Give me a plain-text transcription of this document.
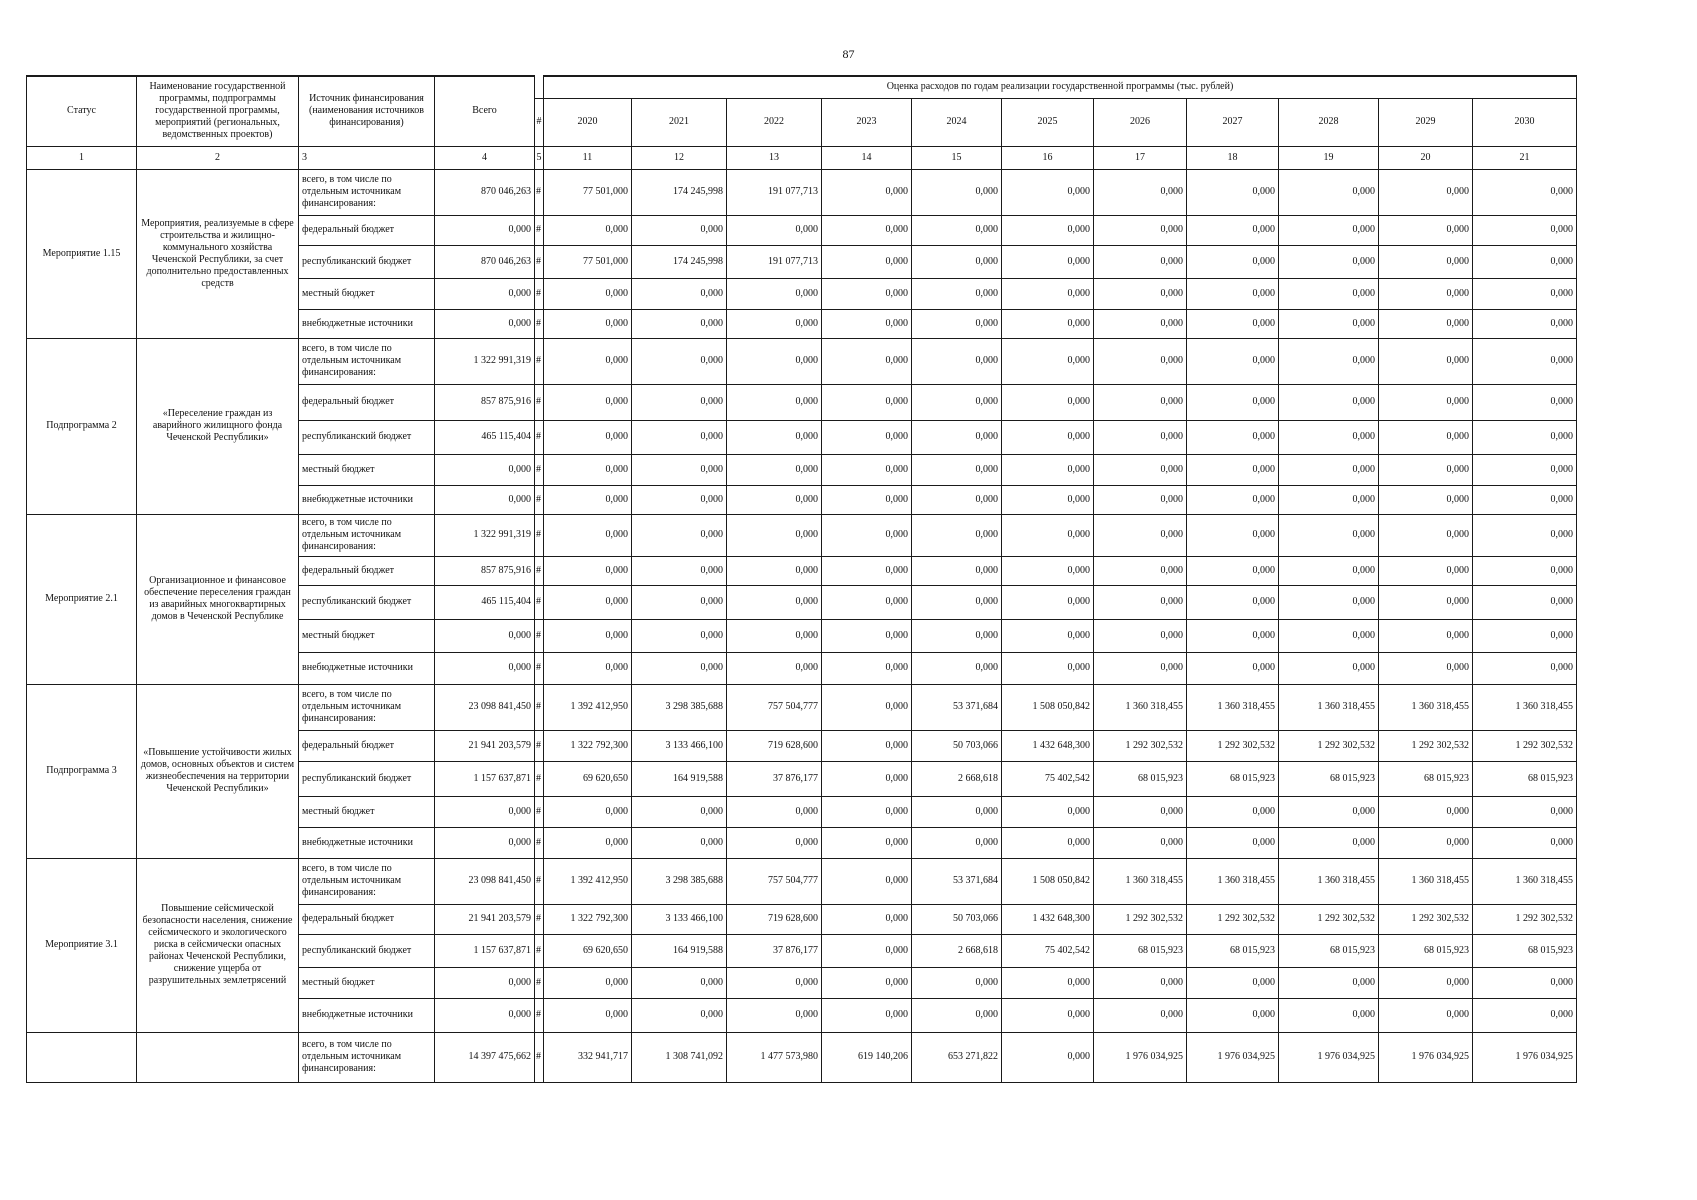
87
Статус	Наименование государственной программы, подпрограммы государственной программы, мероприятий (региональных, ведомственных проектов)	Источник финансирования (наименования источников финансирования)	Всего		Оценка расходов по годам реализации государственной программы (тыс. рублей)										
				#	2020	2021	2022	2023	2024	2025	2026	2027	2028	2029	2030
1	2	3	4	5	11	12	13	14	15	16	17	18	19	20	21
Мероприятие 1.15	Мероприятия, реализуемые в сфере строительства и жилищно-коммунального хозяйства Чеченской Республики, за счет дополнительно предоставленных средств	всего, в том числе по отдельным источникам финансирования:	870 046,263	#	77 501,000	174 245,998	191 077,713	0,000	0,000	0,000	0,000	0,000	0,000	0,000	0,000
		федеральный бюджет	0,000	#	0,000	0,000	0,000	0,000	0,000	0,000	0,000	0,000	0,000	0,000	0,000
		республиканский бюджет	870 046,263	#	77 501,000	174 245,998	191 077,713	0,000	0,000	0,000	0,000	0,000	0,000	0,000	0,000
		местный бюджет	0,000	#	0,000	0,000	0,000	0,000	0,000	0,000	0,000	0,000	0,000	0,000	0,000
		внебюджетные источники	0,000	#	0,000	0,000	0,000	0,000	0,000	0,000	0,000	0,000	0,000	0,000	0,000
Подпрограмма 2	«Переселение граждан из аварийного жилищного фонда Чеченской Республики»	всего, в том числе по отдельным источникам финансирования:	1 322 991,319	#	0,000	0,000	0,000	0,000	0,000	0,000	0,000	0,000	0,000	0,000	0,000
		федеральный бюджет	857 875,916	#	0,000	0,000	0,000	0,000	0,000	0,000	0,000	0,000	0,000	0,000	0,000
		республиканский бюджет	465 115,404	#	0,000	0,000	0,000	0,000	0,000	0,000	0,000	0,000	0,000	0,000	0,000
		местный бюджет	0,000	#	0,000	0,000	0,000	0,000	0,000	0,000	0,000	0,000	0,000	0,000	0,000
		внебюджетные источники	0,000	#	0,000	0,000	0,000	0,000	0,000	0,000	0,000	0,000	0,000	0,000	0,000
Мероприятие 2.1	Организационное и финансовое обеспечение переселения граждан из аварийных многоквартирных домов в Чеченской Республике	всего, в том числе по отдельным источникам финансирования:	1 322 991,319	#	0,000	0,000	0,000	0,000	0,000	0,000	0,000	0,000	0,000	0,000	0,000
		федеральный бюджет	857 875,916	#	0,000	0,000	0,000	0,000	0,000	0,000	0,000	0,000	0,000	0,000	0,000
		республиканский бюджет	465 115,404	#	0,000	0,000	0,000	0,000	0,000	0,000	0,000	0,000	0,000	0,000	0,000
		местный бюджет	0,000	#	0,000	0,000	0,000	0,000	0,000	0,000	0,000	0,000	0,000	0,000	0,000
		внебюджетные источники	0,000	#	0,000	0,000	0,000	0,000	0,000	0,000	0,000	0,000	0,000	0,000	0,000
Подпрограмма 3	«Повышение устойчивости жилых домов, основных объектов и систем жизнеобеспечения на территории Чеченской Республики»	всего, в том числе по отдельным источникам финансирования:	23 098 841,450	#	1 392 412,950	3 298 385,688	757 504,777	0,000	53 371,684	1 508 050,842	1 360 318,455	1 360 318,455	1 360 318,455	1 360 318,455	1 360 318,455
		федеральный бюджет	21 941 203,579	#	1 322 792,300	3 133 466,100	719 628,600	0,000	50 703,066	1 432 648,300	1 292 302,532	1 292 302,532	1 292 302,532	1 292 302,532	1 292 302,532
		республиканский бюджет	1 157 637,871	#	69 620,650	164 919,588	37 876,177	0,000	2 668,618	75 402,542	68 015,923	68 015,923	68 015,923	68 015,923	68 015,923
		местный бюджет	0,000	#	0,000	0,000	0,000	0,000	0,000	0,000	0,000	0,000	0,000	0,000	0,000
		внебюджетные источники	0,000	#	0,000	0,000	0,000	0,000	0,000	0,000	0,000	0,000	0,000	0,000	0,000
Мероприятие 3.1	Повышение сейсмической безопасности населения, снижение сейсмического и экологического риска в сейсмически опасных районах Чеченской Республики, снижение ущерба от разрушительных землетрясений	всего, в том числе по отдельным источникам финансирования:	23 098 841,450	#	1 392 412,950	3 298 385,688	757 504,777	0,000	53 371,684	1 508 050,842	1 360 318,455	1 360 318,455	1 360 318,455	1 360 318,455	1 360 318,455
		федеральный бюджет	21 941 203,579	#	1 322 792,300	3 133 466,100	719 628,600	0,000	50 703,066	1 432 648,300	1 292 302,532	1 292 302,532	1 292 302,532	1 292 302,532	1 292 302,532
		республиканский бюджет	1 157 637,871	#	69 620,650	164 919,588	37 876,177	0,000	2 668,618	75 402,542	68 015,923	68 015,923	68 015,923	68 015,923	68 015,923
		местный бюджет	0,000	#	0,000	0,000	0,000	0,000	0,000	0,000	0,000	0,000	0,000	0,000	0,000
		внебюджетные источники	0,000	#	0,000	0,000	0,000	0,000	0,000	0,000	0,000	0,000	0,000	0,000	0,000
		всего, в том числе по отдельным источникам финансирования:	14 397 475,662	#	332 941,717	1 308 741,092	1 477 573,980	619 140,206	653 271,822	0,000	1 976 034,925	1 976 034,925	1 976 034,925	1 976 034,925	1 976 034,925
